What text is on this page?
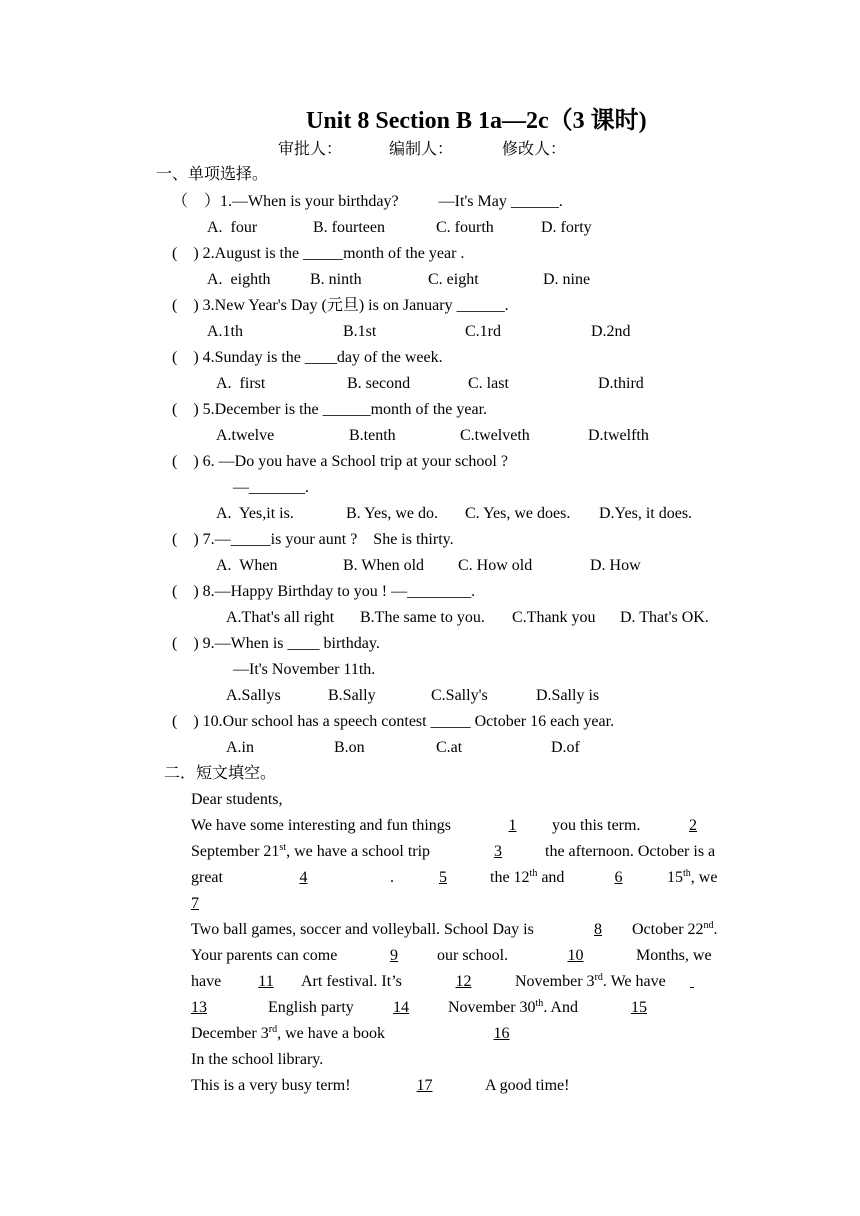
Unit 8 Section B 1a—2c（3 课时)
审批人：	编制人：	修改人：
一、单项选择。
（    ）1.—When is your birthday?          —It's May ______.
A.  four	B. fourteen	C. fourth	D. forty
(    ) 2.August is the _____month of the year .
A.  eighth B. ninth	C. eight	D. nine
(    ) 3.New Year's Day (元旦) is on January ______.
A.1th	B.1st	C.1rd	D.2nd
(    ) 4.Sunday is the ____day of the week.
A.  first	B. second	C. last	D.third
(    ) 5.December is the ______month of the year.
A.twelve	B.tenth	C.twelveth	D.twelfth
(    ) 6. —Do you have a School trip at your school ?
—_______.
A.  Yes,it is.	B. Yes, we do. C. Yes, we does. D.Yes, it does.
(    ) 7.—_____is your aunt ?    She is thirty.
A.  When	B. When old C. How old	D. How
(    ) 8.—Happy Birthday to you ! —________.
A.That's all right B.The same to you. C.Thank you D. That's OK.
(    ) 9.—When is ____ birthday.
—It's November 11th.
A.Sallys	B.Sally	C.Sally's	D.Sally is
(    ) 10.Our school has a speech contest _____ October 16 each year.
A.in	B.on	C.at	D.of
二．短文填空。
Dear students,
We have some interesting and fun things	1	you this term.	2
September 21st, we have a school trip	3	the afternoon. October is a
great	4	.	5	the 12th and	6	15th, we
7
Two ball games, soccer and volleyball. School Day is	8	October 22nd.
Your parents can come	9	our school.	10	Months, we
have	11	Art festival. It’s	12	November 3rd. We have

13	English party	14	November 30th. And	15
December 3rd, we have a book	16
In the school library.
This is a very busy term!	17	A good time!
